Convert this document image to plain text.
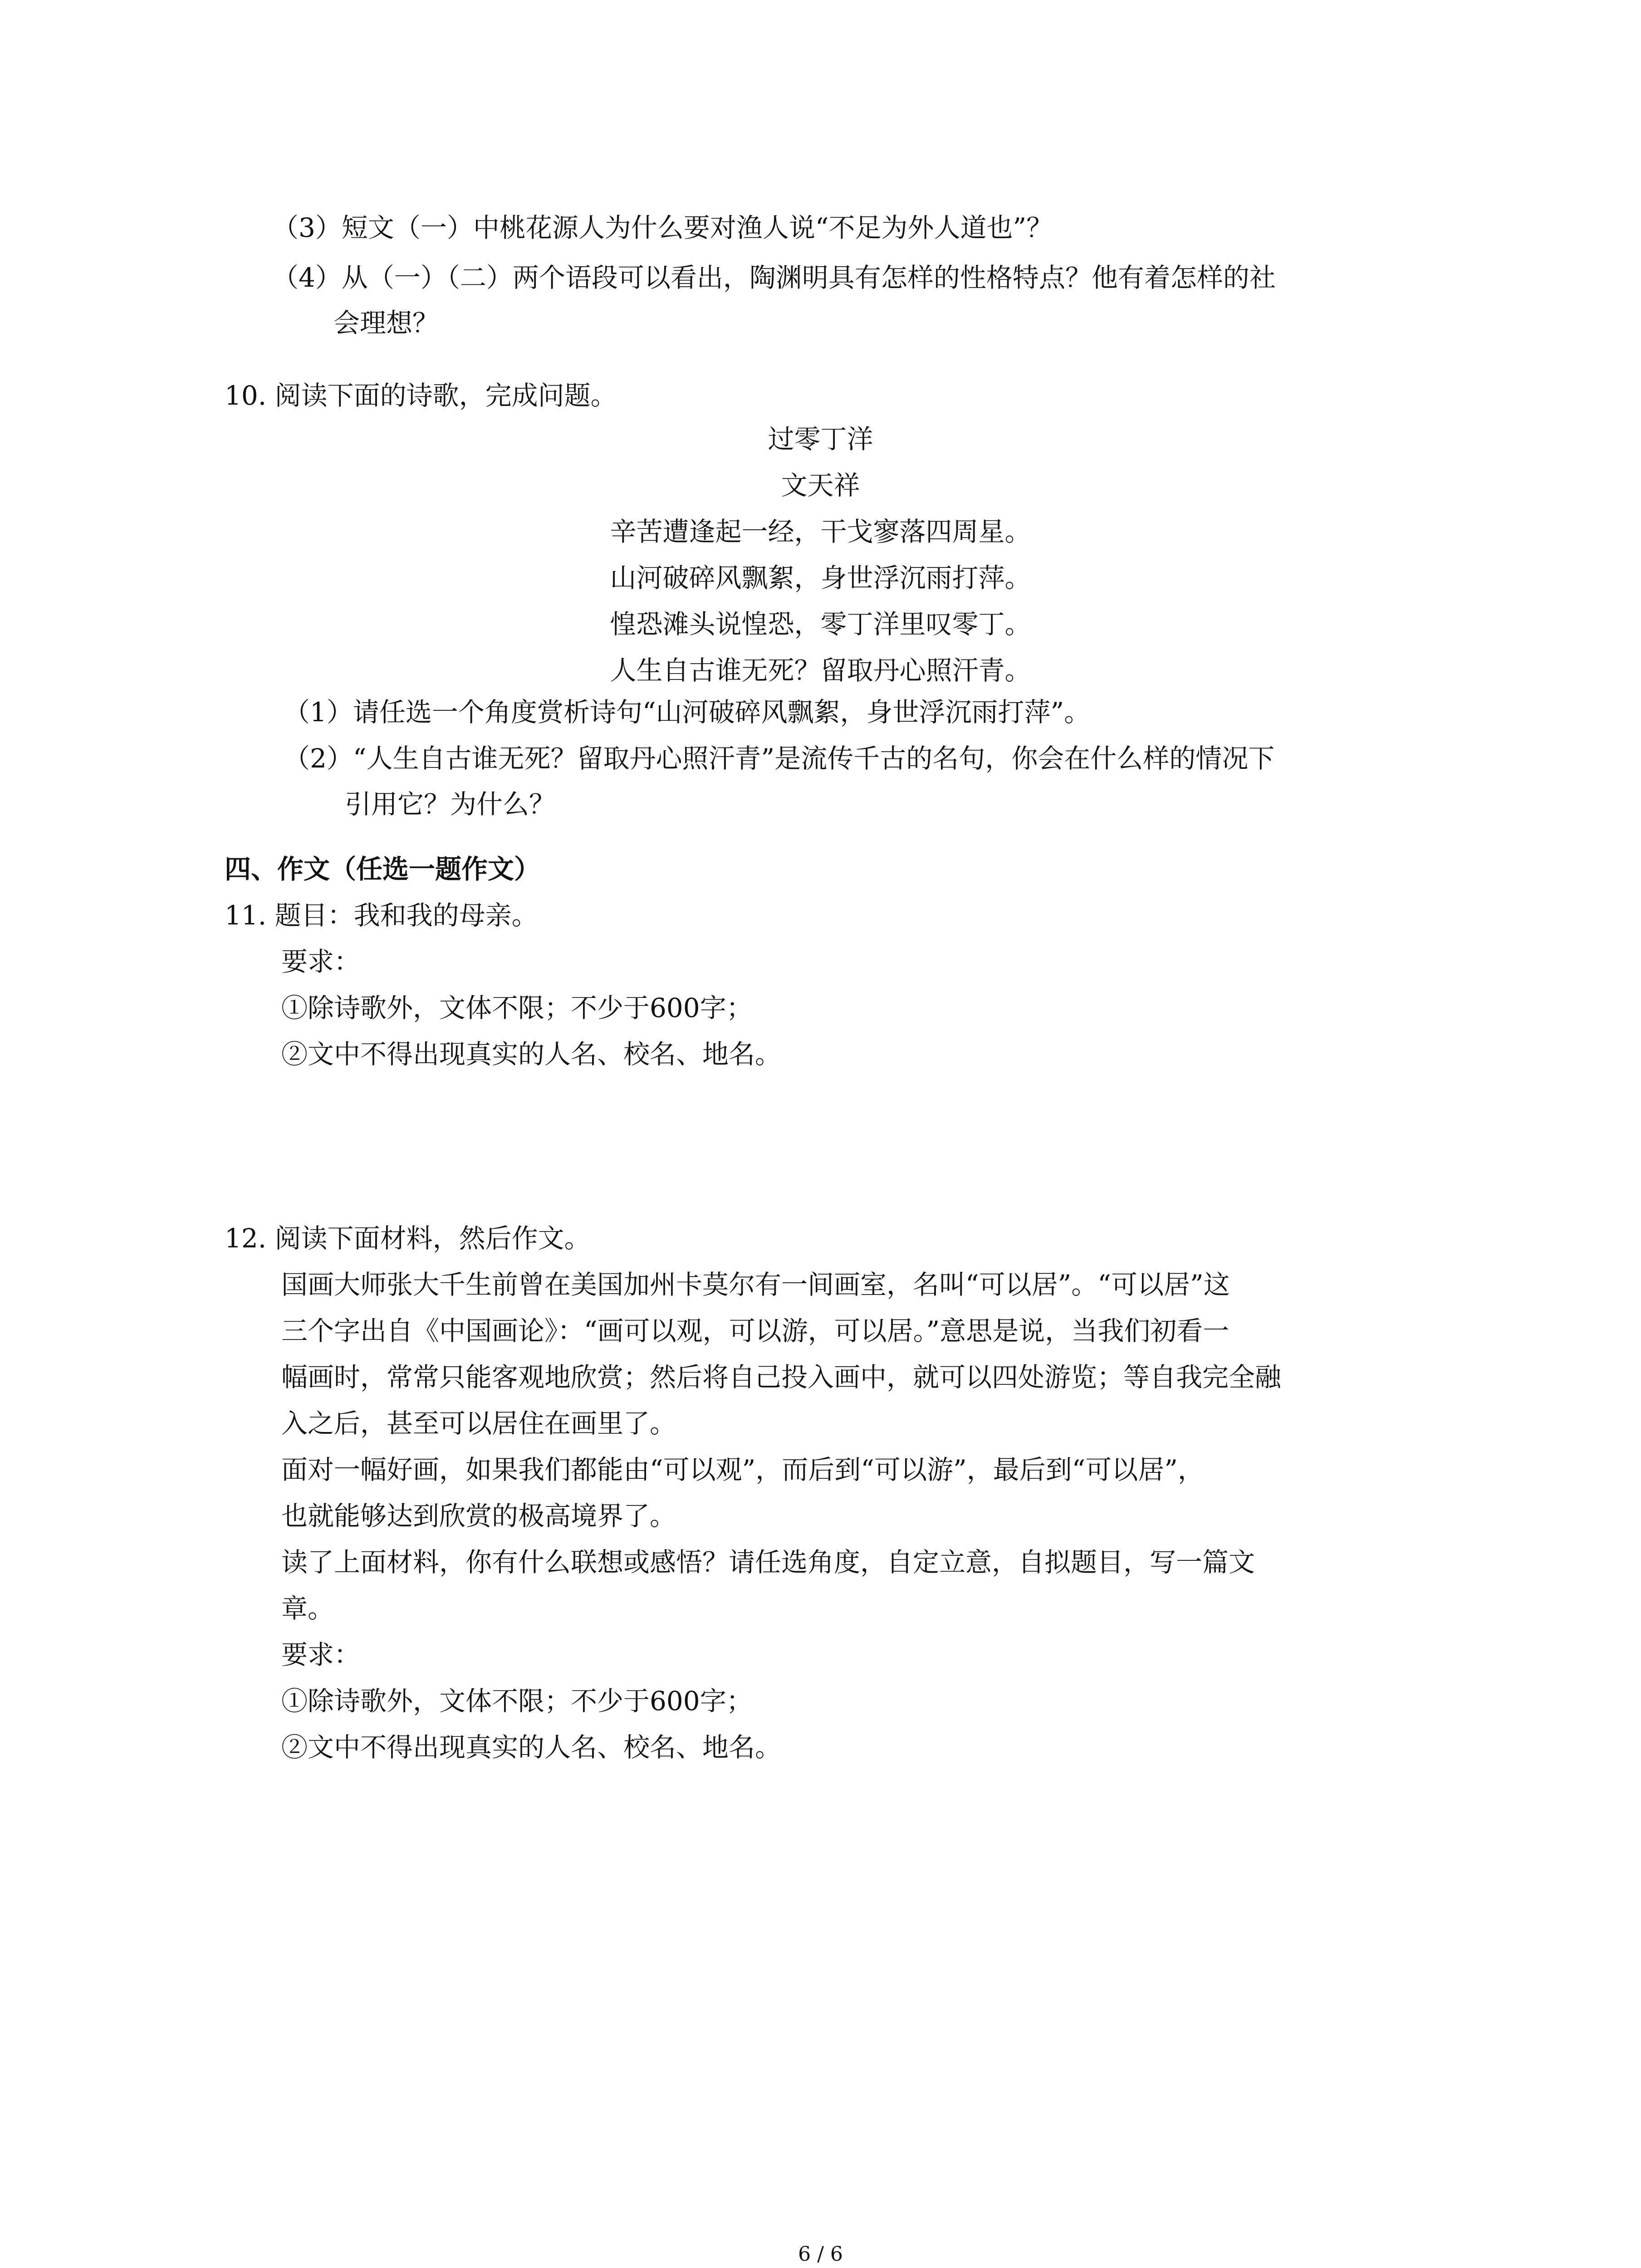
（3）短文（一）中桃花源人为什么要对渔人说“不足为外人道也”？

（4）从（一）（二）两个语段可以看出，陶渊明具有怎样的性格特点？他有着怎样的社

会理想？

10. 阅读下面的诗歌，完成问题。

过零丁洋

文天祥

辛苦遭逢起一经，干戈寥落四周星。

山河破碎风飘絮，身世浮沉雨打萍。

惶恐滩头说惶恐，零丁洋里叹零丁。

人生自古谁无死？留取丹心照汗青。

（1）请任选一个角度赏析诗句“山河破碎风飘絮，身世浮沉雨打萍”。

（2）“人生自古谁无死？留取丹心照汗青”是流传千古的名句，你会在什么样的情况下

引用它？为什么？

四、作文（任选一题作文）

11. 题目：我和我的母亲。

要求：

①除诗歌外，文体不限；不少于600字；

②文中不得出现真实的人名、校名、地名。

12. 阅读下面材料，然后作文。

国画大师张大千生前曾在美国加州卡莫尔有一间画室，名叫“可以居”。“可以居”这

三个字出自《中国画论》：“画可以观，可以游，可以居。”意思是说，当我们初看一

幅画时，常常只能客观地欣赏；然后将自己投入画中，就可以四处游览；等自我完全融

入之后，甚至可以居住在画里了。

面对一幅好画，如果我们都能由“可以观”，而后到“可以游”，最后到“可以居”，

也就能够达到欣赏的极高境界了。

读了上面材料，你有什么联想或感悟？请任选角度，自定立意，自拟题目，写一篇文

章。

要求：

①除诗歌外，文体不限；不少于600字；

②文中不得出现真实的人名、校名、地名。

6 / 6
